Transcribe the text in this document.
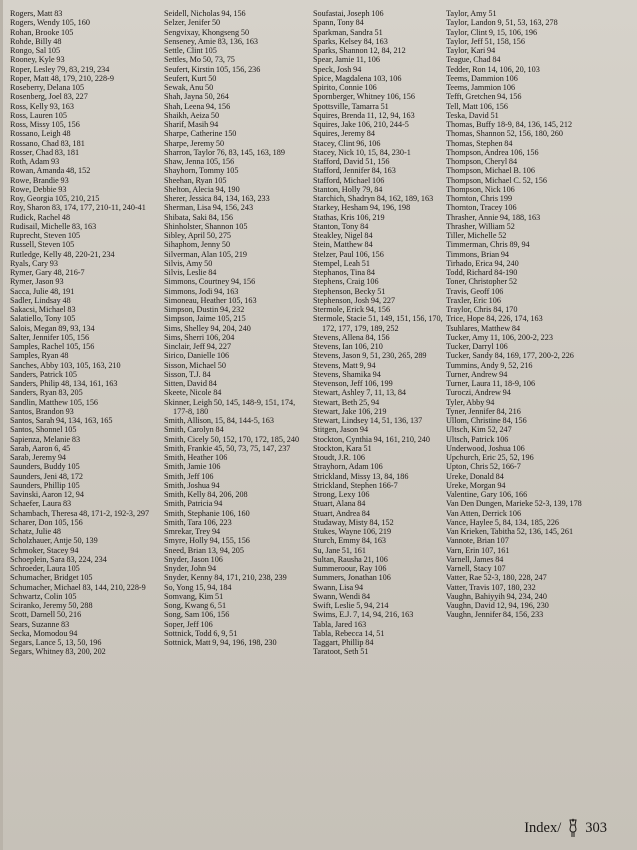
Rogers, Matt 83
Rogers, Wendy 105, 160
Rohan, Brooke 105
Rohde, Billy 48
Rongo, Sal 105
Rooney, Kyle 93
Roper, Lesley 79, 83, 219, 234
Roper, Matt 48, 179, 210, 228-9
Roseberry, Delana 105
Rosenberg, Joel 83, 227
Ross, Kelly 93, 163
Ross, Lauren 105
Ross, Missy 105, 156
Rossano, Leigh 48
Rossano, Chad 83, 181
Rosser, Chad 83, 181
Roth, Adam 93
Rowan, Amanda 48, 152
Rowe, Brandie 93
Rowe, Debbie 93
Roy, Georgia 105, 210, 215
Roy, Sharon 83, 174, 177, 210-11, 240-41
Rudick, Rachel 48
Rudisail, Michelle 83, 163
Ruprecht, Steven 105
Russell, Steven 105
Rutledge, Kelly 48, 220-21, 234
Ryals, Cary 93
Rymer, Gary 48, 216-7
Rymer, Jason 93
Sacca, Julie 48, 191
Sadler, Lindsay 48
Sakacsi, Michael 83
Salatiello, Tony 105
Salois, Megan 89, 93, 134
Salter, Jennifer 105, 156
Samples, Rachel 105, 156
Samples, Ryan 48
Sanches, Abby 103, 105, 163, 210
Sanders, Patrick 105
Sanders, Philip 48, 134, 161, 163
Sanders, Ryan 83, 205
Sandlin, Matthew 105, 156
Santos, Brandon 93
Santos, Sarah 94, 134, 163, 165
Santos, Shonnel 105
Sapienza, Melanie 83
Sarab, Aaron 6, 45
Sarab, Jeremy 94
Saunders, Buddy 105
Saunders, Jeni 48, 172
Saunders, Phillip 105
Savinski, Aaron 12, 94
Schaefer, Laura 83
Schambach, Theresa 48, 171-2, 192-3, 297
Scharer, Don 105, 156
Schatz, Julie 48
Scholzhauer, Antje 50, 139
Schmoker, Stacey 94
Schoeplein, Sara 83, 224, 234
Schroeder, Laura 105
Schumacher, Bridget 105
Schumacher, Michael 83, 144, 210, 228-9
Schwartz, Colin 105
Sciranko, Jeremy 50, 288
Scott, Darnell 50, 216
Sears, Suzanne 83
Secka, Momodou 94
Segars, Lance 5, 13, 50, 196
Segars, Whitney 83, 200, 202
Seidell, Nicholas 94, 156
Selzer, Jenifer 50
Sengvixay, Khongseng 50
Senseney, Amie 83, 136, 163
Settle, Clint 105
Settles, Mo 50, 73, 75
Seufert, Kirstin 105, 156, 236
Seufert, Kurt 50
Sewak, Anu 50
Shah, Jayna 50, 264
Shah, Leena 94, 156
Shaikh, Aeiza 50
Sharif, Masih 94
Sharpe, Catherine 150
Sharpe, Jeremy 50
Sharron, Taylor 76, 83, 145, 163, 189
Shaw, Jenna 105, 156
Shayhorn, Tommy 105
Sheehan, Ryan 105
Shelton, Alecia 94, 190
Sherer, Jessica 84, 134, 163, 233
Sherman, Lisa 94, 156, 243
Shibata, Saki 84, 156
Shinholster, Shannon 105
Sibley, April 50, 275
Sihaphom, Jenny 50
Silverman, Alan 105, 219
Silvis, Amy 50
Silvis, Leslie 84
Simmons, Courtney 94, 156
Simmons, Jodi 94, 163
Simoneau, Heather 105, 163
Simpson, Dustin 94, 232
Simpson, Jaime 105, 215
Sims, Shelley 94, 204, 240
Sims, Sherri 106, 204
Sinclair, Jeff 94, 227
Sirico, Danielle 106
Sisson, Michael 50
Sisson, T.J. 84
Sitten, David 84
Skeete, Nicole 84
Skinner, Leigh 50, 145, 148-9, 151, 174, 177-8, 180
Smith, Allison, 15, 84, 144-5, 163
Smith, Carolyn 84
Smith, Cicely 50, 152, 170, 172, 185, 240
Smith, Frankie 45, 50, 73, 75, 147, 237
Smith, Heather 106
Smith, Jamie 106
Smith, Jeff 106
Smith, Joshua 94
Smith, Kelly 84, 206, 208
Smith, Patricia 94
Smith, Stephanie 106, 160
Smith, Tara 106, 223
Smrekar, Trey 94
Smyre, Holly 94, 155, 156
Sneed, Brian 13, 94, 205
Snyder, Jason 106
Snyder, John 94
Snyder, Kenny 84, 171, 210, 238, 239
So, Yong 15, 94, 184
Somvang, Kim 51
Song, Kwang 6, 51
Song, Sam 106, 156
Soper, Jeff 106
Sottnick, Todd 6, 9, 51
Sottnick, Matt 9, 94, 196, 198, 230
Soufastai, Joseph 106
Spann, Tony 84
Sparkman, Sandra 51
Sparks, Kelsey 84, 163
Sparks, Shannon 12, 84, 212
Spear, Jamie 11, 106
Speck, Josh 94
Spice, Magdalena 103, 106
Spirito, Connie 106
Spornberger, Whitney 106, 156
Spottsville, Tamarra 51
Squires, Brenda 11, 12, 94, 163
Squires, Jake 106, 210, 244-5
Squires, Jeremy 84
Stacey, Clint 96, 106
Stacey, Nick 10, 15, 84, 230-1
Stafford, David 51, 156
Stafford, Jennifer 84, 163
Stafford, Michael 106
Stanton, Holly 79, 84
Starchich, Shadryn 84, 162, 189, 163
Starkey, Hesham 94, 196, 198
Stathas, Kris 106, 219
Stanton, Tony 84
Steakley, Nigel 84
Stein, Matthew 84
Stelzer, Paul 106, 156
Stempel, Leah 51
Stephanos, Tina 84
Stephens, Craig 106
Stephenson, Becky 51
Stephenson, Josh 94, 227
Stermole, Erick 94, 156
Stermole, Stacie 51, 149, 151, 156, 170, 172, 177, 179, 189, 252
Stevens, Allena 84, 156
Stevens, Ian 106, 210
Stevens, Jason 9, 51, 230, 265, 289
Stevens, Matt 9, 94
Stevens, Shamika 94
Stevenson, Jeff 106, 199
Stewart, Ashley 7, 11, 13, 84
Stewart, Beth 25, 94
Stewart, Jake 106, 219
Stewart, Lindsey 14, 51, 136, 137
Stitgen, Jason 94
Stockton, Cynthia 94, 161, 210, 240
Stockton, Kara 51
Stoudt, J.R. 106
Strayhorn, Adam 106
Strickland, Missy 13, 84, 186
Strickland, Stephen 166-7
Strong, Lexy 106
Stuart, Alana 84
Stuart, Andrea 84
Studaway, Misty 84, 152
Stukes, Wayne 106, 219
Sturch, Emmy 84, 163
Su, Jane 51, 161
Sultan, Rausha 21, 106
Summeroour, Ray 106
Summers, Jonathan 106
Swann, Lisa 94
Swann, Wendi 84
Swift, Leslie 5, 94, 214
Swims, E.J. 7, 14, 94, 216, 163
Tabla, Jared 163
Tabla, Rebecca 14, 51
Taggart, Phillip 84
Taratoot, Seth 51
Taylor, Amy 51
Taylor, Landon 9, 51, 53, 163, 278
Taylor, Clint 9, 15, 106, 196
Taylor, Jeff 51, 158, 156
Taylor, Kari 94
Teague, Chad 84
Tedder, Ron 14, 106, 20, 103
Teems, Dammion 106
Teems, Jammion 106
Tefft, Gretchen 94, 156
Tell, Matt 106, 156
Teska, David 51
Thomas, Buffy 18-9, 84, 136, 145, 212
Thomas, Shannon 52, 156, 180, 260
Thomas, Stephen 84
Thompson, Andrea 106, 156
Thompson, Cheryl 84
Thompson, Michael B. 106
Thompson, Michael C. 52, 156
Thompson, Nick 106
Thornton, Chris 199
Thornton, Tracey 106
Thrasher, Annie 94, 188, 163
Thrasher, William 52
Tiller, Michelle 52
Timmerman, Chris 89, 94
Timmons, Brian 94
Tirhado, Erica 94, 240
Todd, Richard 84-190
Toner, Christopher 52
Travis, Geoff 106
Traxler, Eric 106
Traylor, Chris 84, 170
Trice, Hope 84, 226, 174, 163
Tsuhlares, Matthew 84
Tucker, Amy 11, 106, 200-2, 223
Tucker, Darryl 106
Tucker, Sandy 84, 169, 177, 200-2, 226
Tummins, Andy 9, 52, 216
Turner, Andrew 94
Turner, Laura 11, 18-9, 106
Turoczi, Andrew 94
Tyler, Abby 94
Tyner, Jennifer 84, 216
Ullom, Christine 84, 156
Ultsch, Kim 52, 247
Ultsch, Patrick 106
Underwood, Joshua 106
Upchurch, Eric 25, 52, 196
Upton, Chris 52, 166-7
Ureke, Donald 84
Ureke, Morgan 94
Valentine, Gary 106, 166
Van Den Dungen, Marieke 52-3, 139, 178
Van Atten, Derrick 106
Vance, Haylee 5, 84, 134, 185, 226
Van Krieken, Tabitha 52, 136, 145, 261
Vannote, Brian 107
Varn, Erin 107, 161
Varnell, James 84
Varnell, Stacy 107
Vatter, Rae 52-3, 180, 228, 247
Vatter, Travis 107, 180, 232
Vaughn, Bahiyyih 94, 234, 240
Vaughn, David 12, 94, 196, 230
Vaughn, Jennifer 84, 156, 233
Index/ 303
